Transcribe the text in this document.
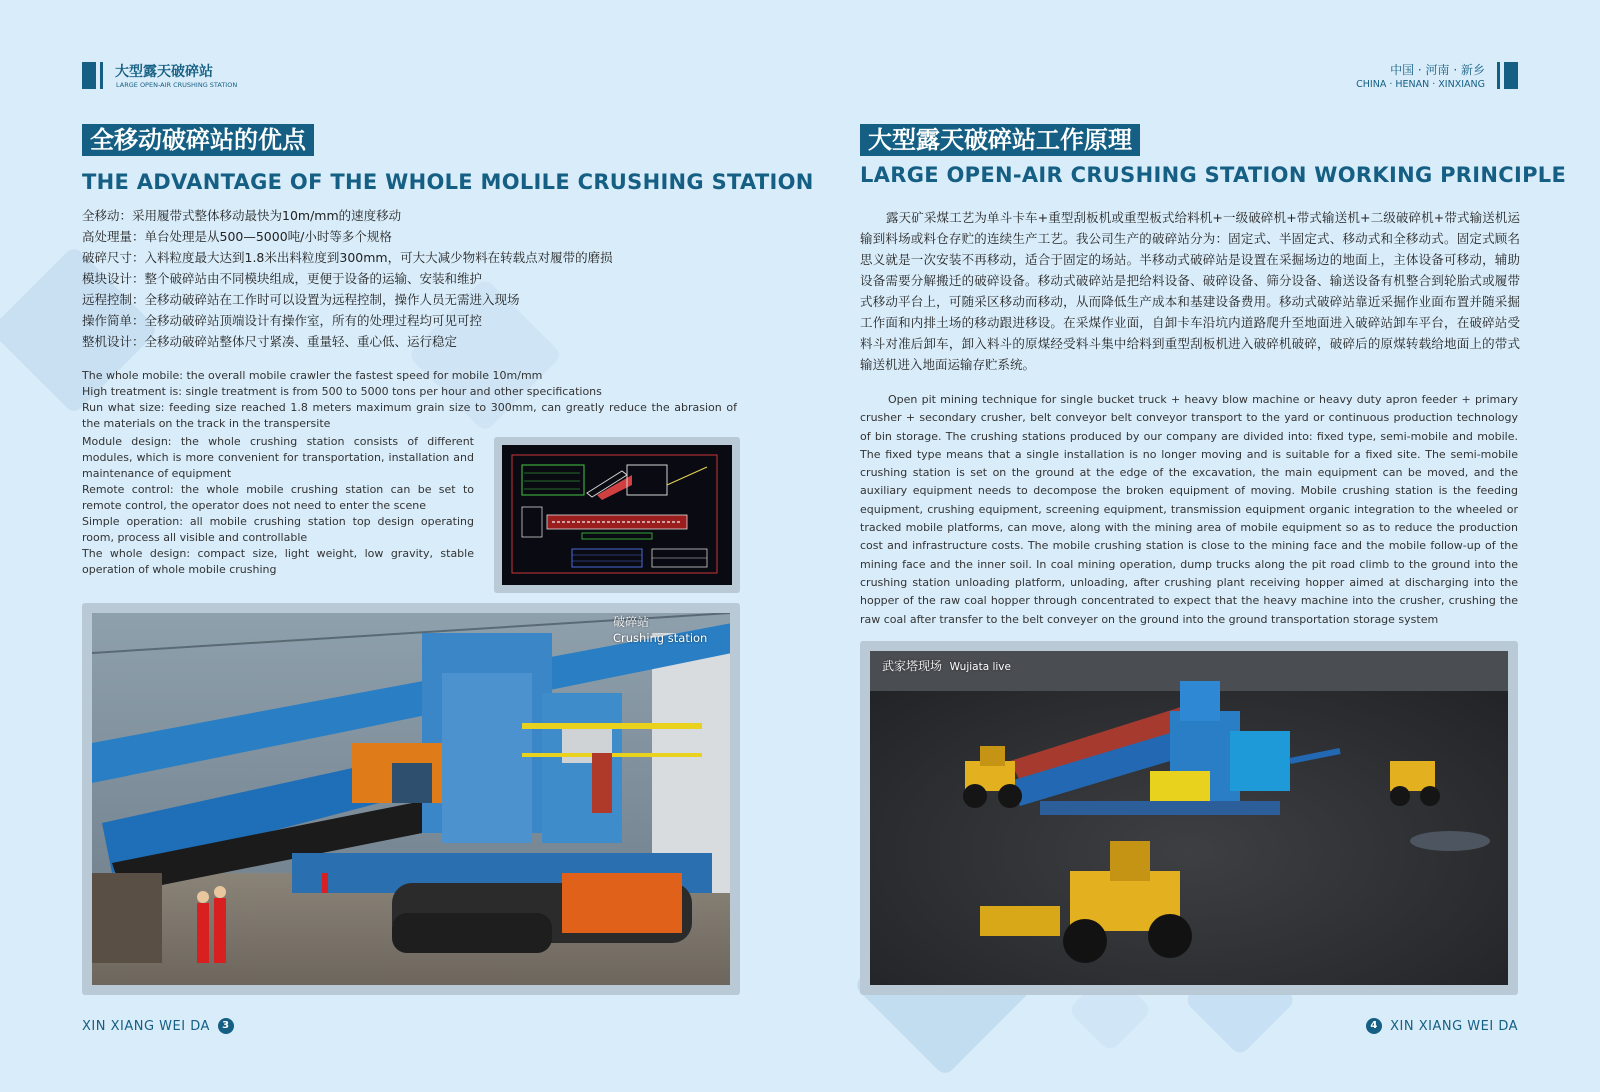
大型露天破碎站
LARGE OPEN-AIR CRUSHING STATION
中国 · 河南 · 新乡
CHINA · HENAN · XINXIANG
全移动破碎站的优点
THE ADVANTAGE OF THE WHOLE MOLILE CRUSHING STATION
全移动：采用履带式整体移动最快为10m/mm的速度移动
高处理量：单台处理是从500—5000吨/小时等多个规格
破碎尺寸：入料粒度最大达到1.8米出料粒度到300mm，可大大减少物料在转载点对履带的磨损
模块设计：整个破碎站由不同模块组成，更便于设备的运输、安装和维护
远程控制：全移动破碎站在工作时可以设置为远程控制，操作人员无需进入现场
操作简单：全移动破碎站顶端设计有操作室，所有的处理过程均可见可控
整机设计：全移动破碎站整体尺寸紧凑、重量轻、重心低、运行稳定
The whole mobile: the overall mobile crawler the fastest speed for mobile 10m/mm
High treatment is: single treatment is from 500 to 5000 tons per hour and other specifications
Run what size: feeding size reached 1.8 meters maximum grain size to 300mm, can greatly reduce the abrasion of the materials on the track in the transpersite
Module design: the whole crushing station consists of different modules, which is more convenient for transportation, installation and maintenance of equipment
Remote control: the whole mobile crushing station can be set to remote control, the operator does not need to enter the scene
Simple operation: all mobile crushing station top design operating room, process all visible and controllable
The whole design: compact size, light weight, low gravity, stable operation of whole mobile crushing
破碎站
Crushing station
XIN XIANG WEI DA	3
大型露天破碎站工作原理
LARGE OPEN-AIR CRUSHING STATION WORKING PRINCIPLE
露天矿采煤工艺为单斗卡车+重型刮板机或重型板式给料机+一级破碎机+带式输送机+二级破碎机+带式输送机运输到料场或料仓存贮的连续生产工艺。我公司生产的破碎站分为：固定式、半固定式、移动式和全移动式。固定式顾名思义就是一次安装不再移动，适合于固定的场站。半移动式破碎站是设置在采掘场边的地面上，主体设备可移动，辅助设备需要分解搬迁的破碎设备。移动式破碎站是把给料设备、破碎设备、筛分设备、输送设备有机整合到轮胎式或履带式移动平台上，可随采区移动而移动，从而降低生产成本和基建设备费用。移动式破碎站靠近采掘作业面布置并随采掘工作面和内排土场的移动跟进移设。在采煤作业面，自卸卡车沿坑内道路爬升至地面进入破碎站卸车平台，在破碎站受料斗对准后卸车，卸入料斗的原煤经受料斗集中给料到重型刮板机进入破碎机破碎，破碎后的原煤转载给地面上的带式输送机进入地面运输存贮系统。
Open pit mining technique for single bucket truck + heavy blow machine or heavy duty apron feeder + primary crusher + secondary crusher, belt conveyor belt conveyor transport to the yard or continuous production technology of bin storage. The crushing stations produced by our company are divided into: fixed type, semi-mobile and mobile. The fixed type means that a single installation is no longer moving and is suitable for a fixed site. The semi-mobile crushing station is set on the ground at the edge of the excavation, the main equipment can be moved, and the auxiliary equipment needs to decompose the broken equipment of moving. Mobile crushing station is the feeding equipment, crushing equipment, screening equipment, transmission equipment organic integration to the wheeled or tracked mobile platforms, can move, along with the mining area of mobile equipment so as to reduce the production cost and infrastructure costs. The mobile crushing station is close to the mining face and the mobile follow-up of the mining face and the inner soil. In coal mining operation, dump trucks along the pit road climb to the ground into the crushing station unloading platform, unloading, after crushing plant receiving hopper aimed at discharging into the hopper of the raw coal hopper through concentrated to expect that the heavy machine into the crusher, crushing the raw coal after transfer to the belt conveyer on the ground into the ground transportation storage system
武家塔现场 Wujiata live
4 XIN XIANG WEI DA
